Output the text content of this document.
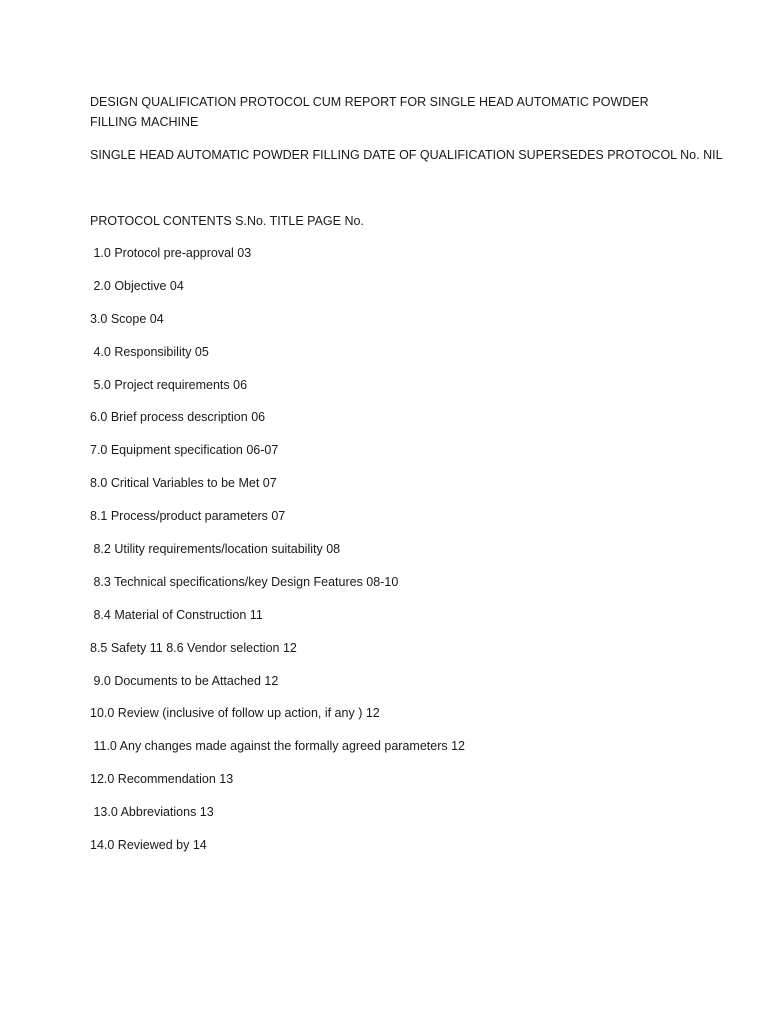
DESIGN QUALIFICATION PROTOCOL CUM REPORT FOR SINGLE HEAD AUTOMATIC POWDER FILLING MACHINE

SINGLE HEAD AUTOMATIC POWDER FILLING DATE OF QUALIFICATION SUPERSEDES PROTOCOL No. NIL

PROTOCOL CONTENTS S.No. TITLE PAGE No.

1.0 Protocol pre-approval 03
2.0 Objective 04
3.0 Scope 04
4.0 Responsibility 05
5.0 Project requirements 06
6.0 Brief process description 06
7.0 Equipment specification 06-07
8.0 Critical Variables to be Met 07
8.1 Process/product parameters 07
8.2 Utility requirements/location suitability 08
8.3 Technical specifications/key Design Features 08-10
8.4 Material of Construction 11
8.5 Safety 11 8.6 Vendor selection 12
9.0 Documents to be Attached 12
10.0 Review (inclusive of follow up action, if any ) 12
11.0 Any changes made against the formally agreed parameters 12
12.0 Recommendation 13
13.0 Abbreviations 13
14.0 Reviewed by 14
